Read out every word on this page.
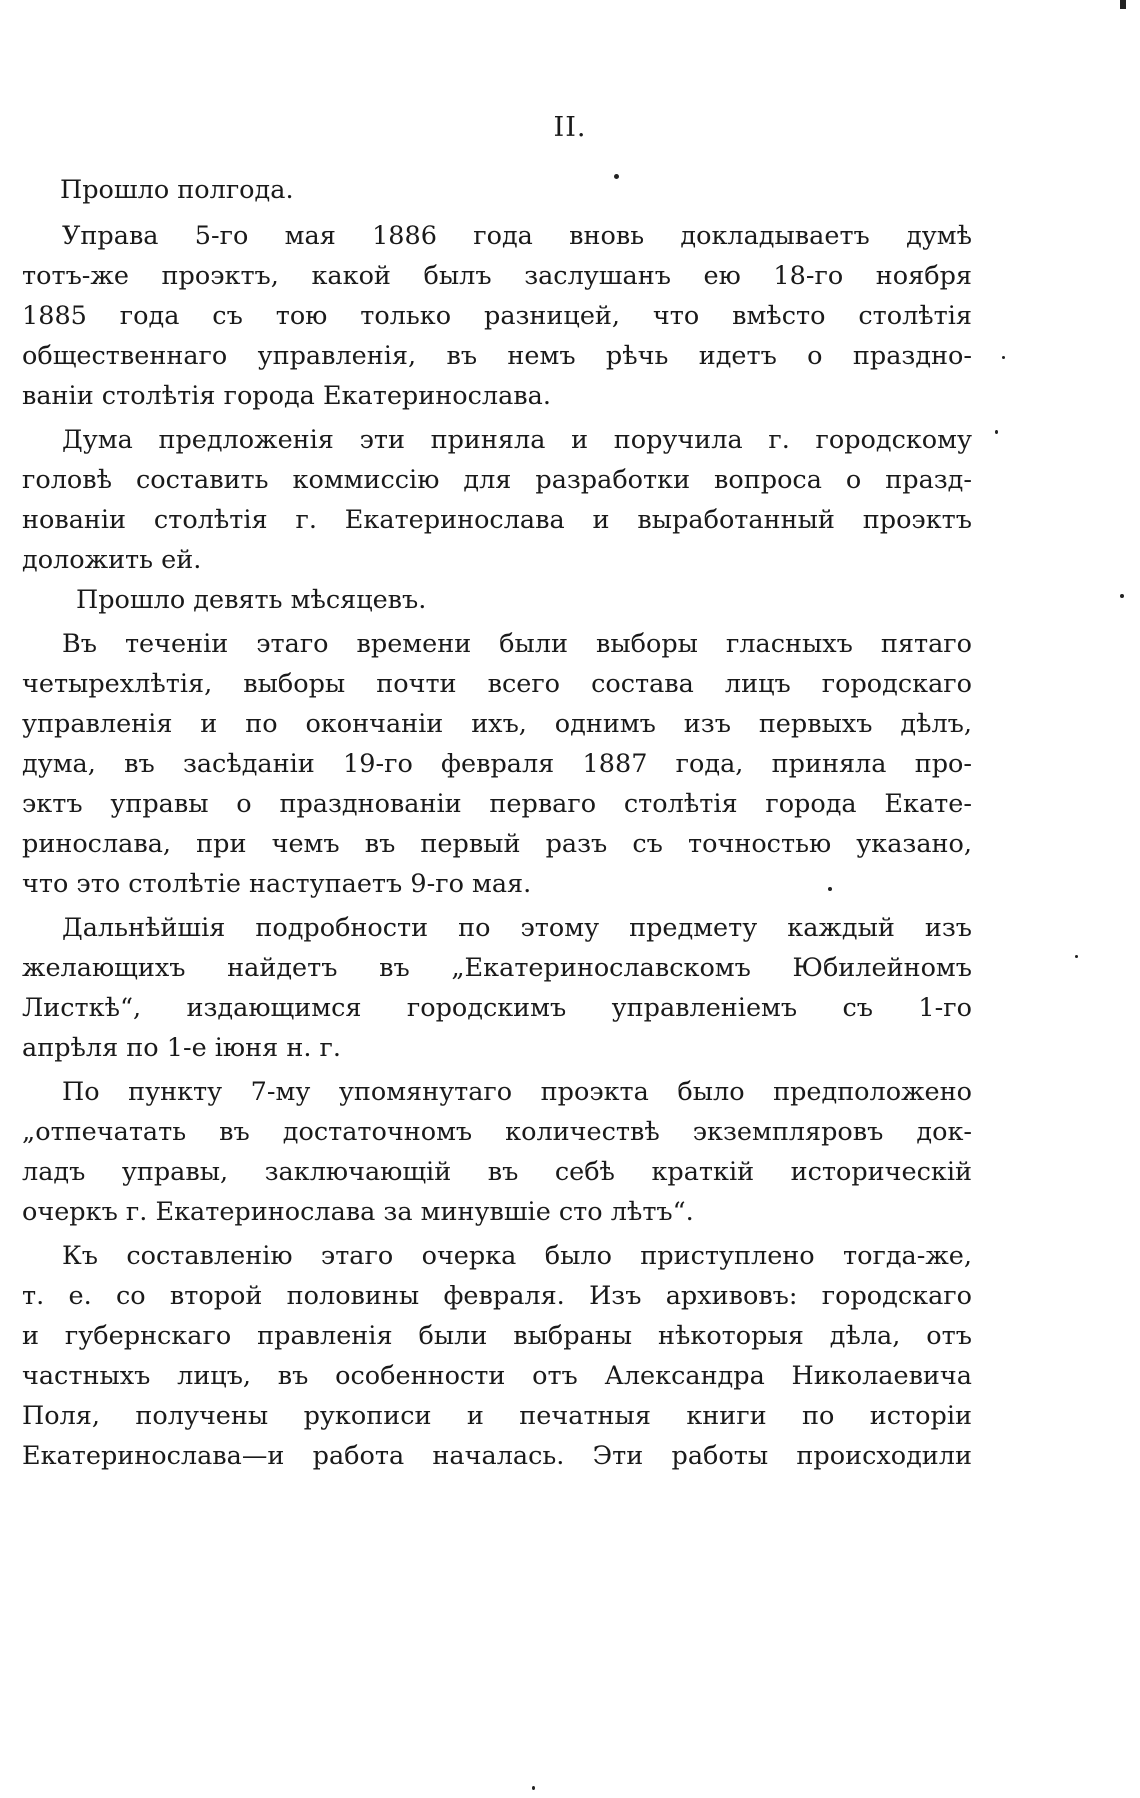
II.
Прошло полгода.
Управа 5-го мая 1886 года вновь докладываетъ думѣ
тотъ-же проэктъ, какой былъ заслушанъ ею 18-го ноября
1885 года съ тою только разницей, что вмѣсто столѣтія
общественнаго управленія, въ немъ рѣчь идетъ о праздно-
ваніи столѣтія города Екатеринослава.
Дума предложенія эти приняла и поручила г. городскому
головѣ составить коммиссію для разработки вопроса о празд-
нованіи столѣтія г. Екатеринослава и выработанный проэктъ
доложить ей.
Прошло девять мѣсяцевъ.
Въ теченіи этаго времени были выборы гласныхъ пятаго
четырехлѣтія, выборы почти всего состава лицъ городскаго
управленія и по окончаніи ихъ, однимъ изъ первыхъ дѣлъ,
дума, въ засѣданіи 19-го февраля 1887 года, приняла про-
эктъ управы о празднованіи перваго столѣтія города Екате-
ринослава, при чемъ въ первый разъ съ точностью указано,
что это столѣтіе наступаетъ 9-го мая.
Дальнѣйшія подробности по этому предмету каждый изъ
желающихъ найдетъ въ „Екатеринославскомъ Юбилейномъ
Листкѣ“, издающимся городскимъ управленіемъ съ 1-го
апрѣля по 1-е іюня н. г.
По пункту 7-му упомянутаго проэкта было предположено
„отпечатать въ достаточномъ количествѣ экземпляровъ док-
ладъ управы, заключающій въ себѣ краткій историческій
очеркъ г. Екатеринослава за минувшіе сто лѣтъ“.
Къ составленію этаго очерка было приступлено тогда-же,
т. е. со второй половины февраля. Изъ архивовъ: городскаго
и губернскаго правленія были выбраны нѣкоторыя дѣла, отъ
частныхъ лицъ, въ особенности отъ Александра Николаевича
Поля, получены рукописи и печатныя книги по исторіи
Екатеринослава—и работа началась. Эти работы происходили
